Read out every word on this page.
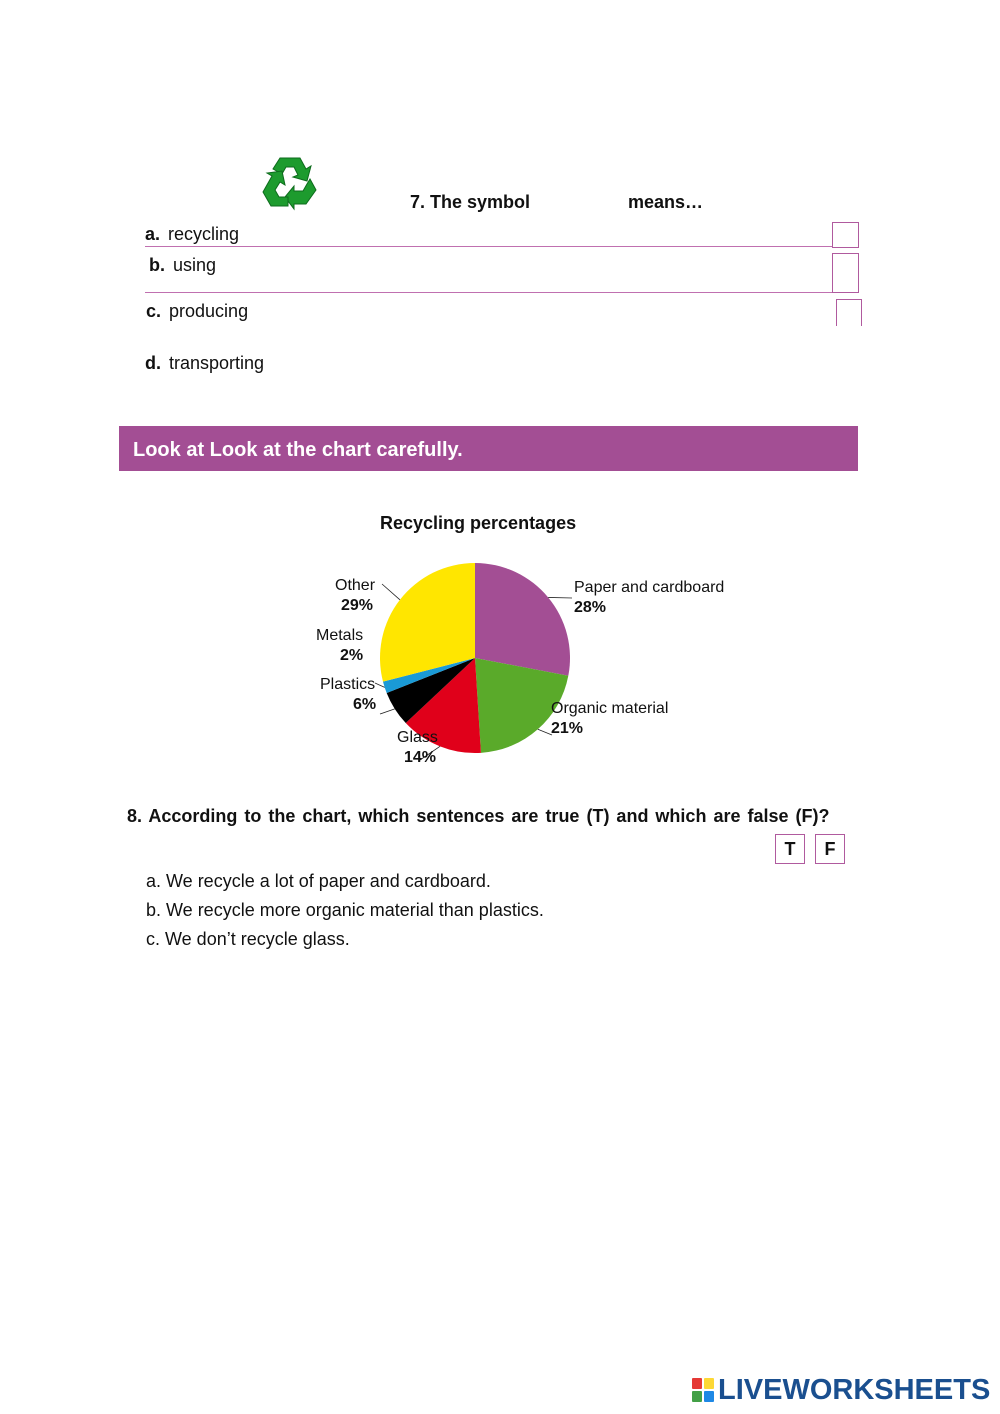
7. The symbol	means…
a. recycling
b. using
c. producing
d. transporting
Look at Look at the chart carefully.
Recycling percentages
Other
29%
Metals
2%
Plastics
6%
Glass
14%
Paper and cardboard
28%
Organic material
21%
8. According to the chart, which sentences are true (T) and which are false (F)?
T	F
a. We recycle a lot of paper and cardboard.
b. We recycle more organic material than plastics.
c. We don’t recycle glass.
LIVEWORKSHEETS
